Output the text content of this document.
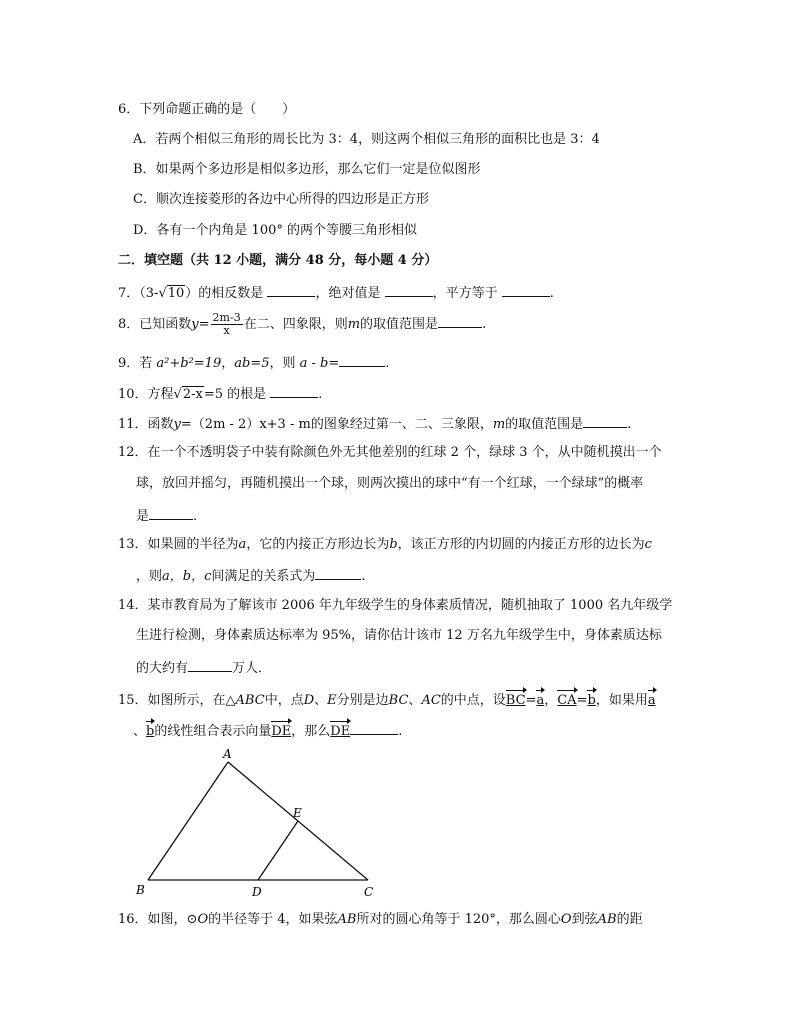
6．下列命题正确的是（　　）
A．若两个相似三角形的周长比为 3：4，则这两个相似三角形的面积比也是 3：4
B．如果两个多边形是相似多边形，那么它们一定是位似图形
C．顺次连接菱形的各边中心所得的四边形是正方形
D．各有一个内角是 100° 的两个等腰三角形相似
二．填空题（共 12 小题，满分 48 分，每小题 4 分）
7．（3-√10）的相反数是	，绝对值是	，平方等于	.
8．已知函数$y= \frac{2m-3}{x}$ 在二、四象限，则m的取值范围是	.
9．若 a²+b²=19，ab=5，则 a - b=	.
10．方程√2-x=5 的根是	.
11．函数y=（2m - 2）x+3 - m的图象经过第一、二、三象限，m的取值范围是	.
12．在一个不透明袋子中装有除颜色外无其他差别的红球 2 个，绿球 3 个，从中随机摸出一个
球，放回并摇匀，再随机摸出一个球，则两次摸出的球中“有一个红球，一个绿球”的概率
是	.
13．如果圆的半径为a，它的内接正方形边长为b，该正方形的内切圆的内接正方形的边长为c
，则a，b，c间满足的关系式为	.
14．某市教育局为了解该市 2006 年九年级学生的身体素质情况，随机抽取了 1000 名九年级学
生进行检测，身体素质达标率为 95%，请你估计该市 12 万名九年级学生中，身体素质达标
的大约有	万人．
15．如图所示，在△ABC中，点D、E分别是边BC、AC的中点，设BC=a，CA=b，如果用a
、b的线性组合表示向量DE，那么DE	.
A
B	C
D
E
16．如图，⊙O的半径等于 4，如果弦AB所对的圆心角等于 120°，那么圆心O到弦AB的距
